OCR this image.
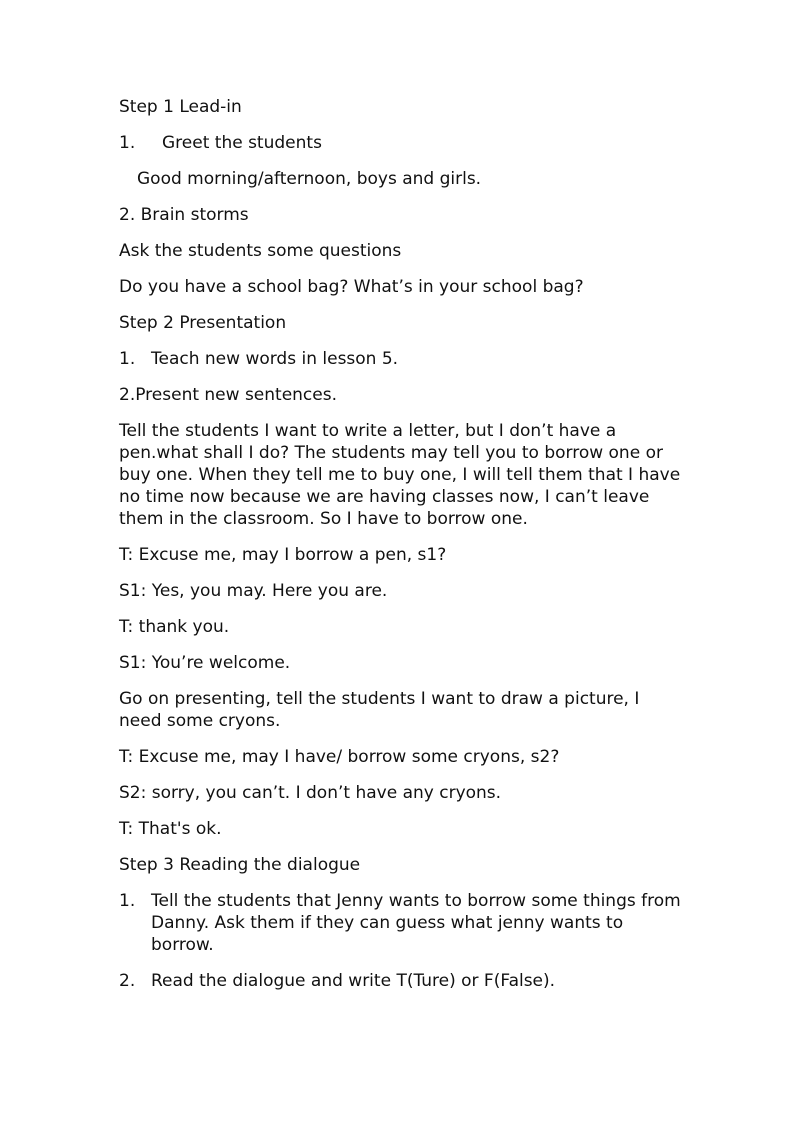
Step 1 Lead-in

1.	Greet the students

Good morning/afternoon, boys and girls.

2. Brain storms

Ask the students some questions

Do you have a school bag? What’s in your school bag?

Step 2 Presentation

1. Teach new words in lesson 5.

2.Present new sentences.

Tell the students I want to write a letter, but I don’t have a pen.what shall I do? The students may tell you to borrow one or buy one. When they tell me to buy one, I will tell them that I have no time now because we are having classes now, I can’t leave them in the classroom. So I have to borrow one.

T: Excuse me, may I borrow a pen, s1?

S1: Yes, you may. Here you are.

T: thank you.

S1: You’re welcome.

Go on presenting, tell the students I want to draw a picture, I need some cryons.

T: Excuse me, may I have/ borrow some cryons, s2?

S2: sorry, you can’t. I don’t have any cryons.

T: That's ok.

Step 3 Reading the dialogue

1. Tell the students that Jenny wants to borrow some things from Danny. Ask them if they can guess what jenny wants to borrow.
2. Read the dialogue and write T(Ture) or F(False).
